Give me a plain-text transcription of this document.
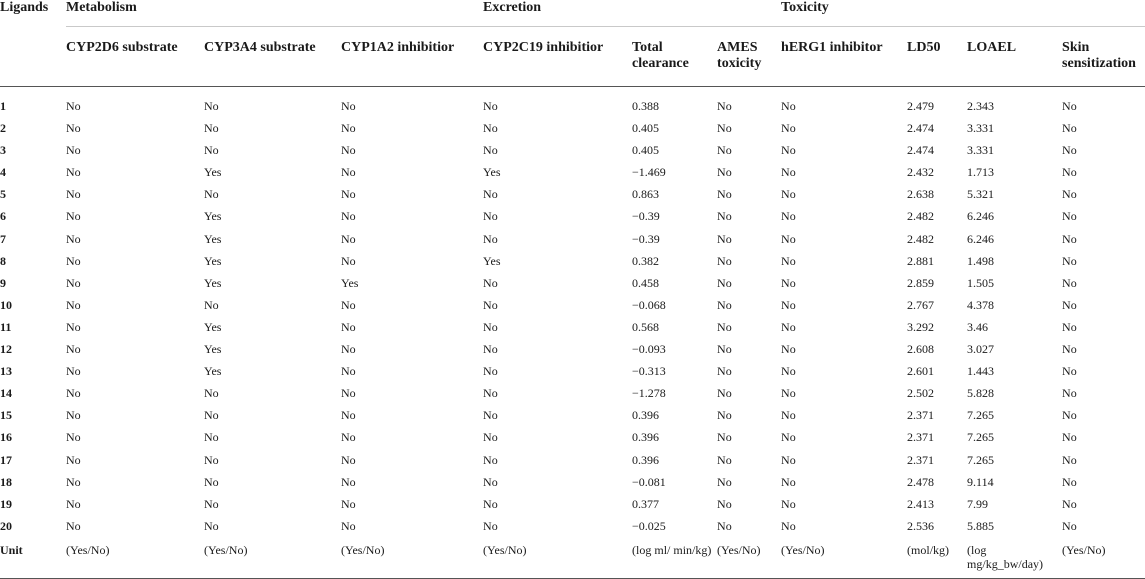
Ligands	Metabolism			Excretion			Toxicity			
	CYP2D6 substrate	CYP3A4 substrate	CYP1A2 inhibitior	CYP2C19 inhibitior	Total clearance	AMES toxicity	hERG1 inhibitor	LD50	LOAEL	Skin sensitization
1	No	No	No	No	0.388	No	No	2.479	2.343	No
2	No	No	No	No	0.405	No	No	2.474	3.331	No
3	No	No	No	No	0.405	No	No	2.474	3.331	No
4	No	Yes	No	Yes	−1.469	No	No	2.432	1.713	No
5	No	No	No	No	0.863	No	No	2.638	5.321	No
6	No	Yes	No	No	−0.39	No	No	2.482	6.246	No
7	No	Yes	No	No	−0.39	No	No	2.482	6.246	No
8	No	Yes	No	Yes	0.382	No	No	2.881	1.498	No
9	No	Yes	Yes	No	0.458	No	No	2.859	1.505	No
10	No	No	No	No	−0.068	No	No	2.767	4.378	No
11	No	Yes	No	No	0.568	No	No	3.292	3.46	No
12	No	Yes	No	No	−0.093	No	No	2.608	3.027	No
13	No	Yes	No	No	−0.313	No	No	2.601	1.443	No
14	No	No	No	No	−1.278	No	No	2.502	5.828	No
15	No	No	No	No	0.396	No	No	2.371	7.265	No
16	No	No	No	No	0.396	No	No	2.371	7.265	No
17	No	No	No	No	0.396	No	No	2.371	7.265	No
18	No	No	No	No	−0.081	No	No	2.478	9.114	No
19	No	No	No	No	0.377	No	No	2.413	7.99	No
20	No	No	No	No	−0.025	No	No	2.536	5.885	No
Unit	(Yes/No)	(Yes/No)	(Yes/No)	(Yes/No)	(log ml/ min/kg)	(Yes/No)	(Yes/No)	(mol/kg)	(log mg/kg_bw/day)	(Yes/No)
